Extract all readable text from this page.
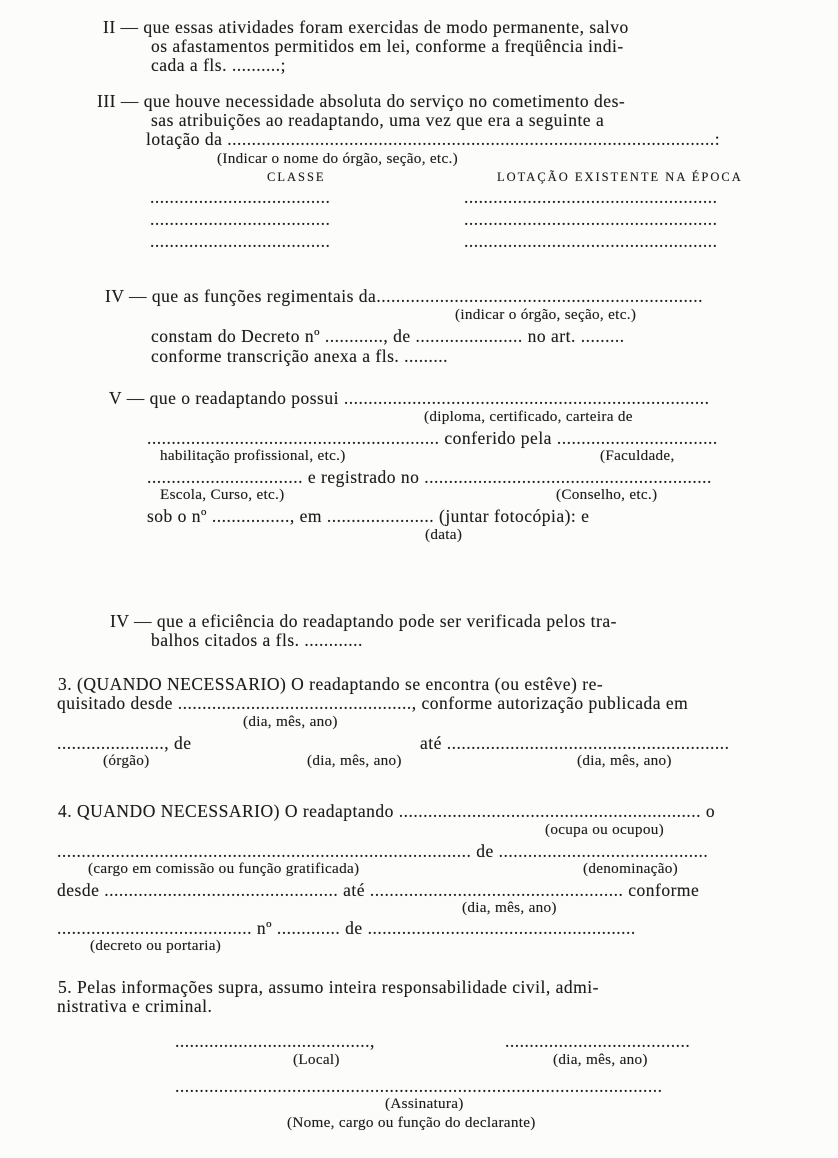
II — que essas atividades foram exercidas de modo permanente, salvo
os afastamentos permitidos em lei, conforme a freqüência indi-
cada a fls. ..........;
III — que houve necessidade absoluta do serviço no cometimento des-
sas atribuições ao readaptando, uma vez que era a seguinte a
lotação da ....................................................................................................:
(Indicar o nome do órgão, seção, etc.)
CLASSE	LOTAÇÃO EXISTENTE NA ÉPOCA
.....................................	....................................................
.....................................	....................................................
.....................................	....................................................
IV — que as funções regimentais da...................................................................
(indicar o órgão, seção, etc.)
constam do Decreto nº ............, de ...................... no art. .........
conforme transcrição anexa a fls. .........
V — que o readaptando possui ...........................................................................
(diploma, certificado, carteira de
............................................................ conferido pela .................................
habilitação profissional, etc.)	(Faculdade,
................................ e registrado no ...........................................................
Escola, Curso, etc.)	(Conselho, etc.)
sob o nº ................, em ...................... (juntar fotocópia): e
(data)
IV — que a eficiência do readaptando pode ser verificada pelos tra-
balhos citados a fls. ............
3. (QUANDO NECESSARIO) O readaptando se encontra (ou estêve) re-
quisitado desde ................................................, conforme autorização publicada em
(dia, mês, ano)
......................, de	até ..........................................................
(órgão)	(dia, mês, ano)	(dia, mês, ano)
4. QUANDO NECESSARIO) O readaptando .............................................................. o
(ocupa ou ocupou)
..................................................................................... de ...........................................
(cargo em comissão ou função gratificada)	(denominação)
desde ................................................ até .................................................... conforme
(dia, mês, ano)
........................................ nº ............. de .......................................................
(decreto ou portaria)
5. Pelas informações supra, assumo inteira responsabilidade civil, admi-
nistrativa e criminal.
........................................,	......................................
(Local)	(dia, mês, ano)
....................................................................................................
(Assinatura)
(Nome, cargo ou função do declarante)
